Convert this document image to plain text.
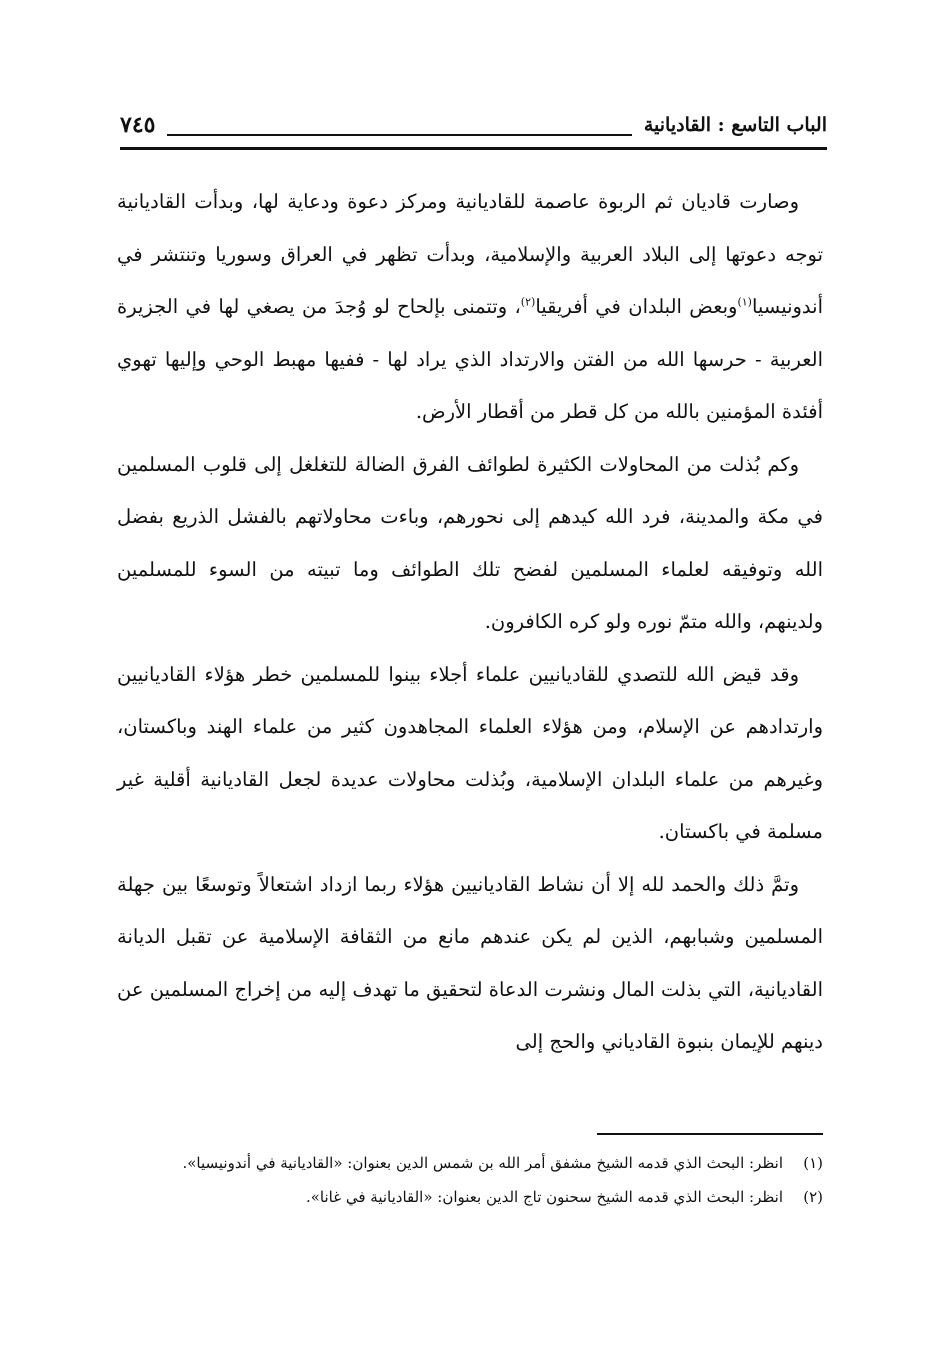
الباب التاسع : القاديانية
٧٤٥

وصارت قاديان ثم الربوة عاصمة للقاديانية ومركز دعوة ودعاية لها، وبدأت القاديانية توجه دعوتها إلى البلاد العربية والإسلامية، وبدأت تظهر في العراق وسوريا وتنتشر في أندونيسيا$^{(١)}$وبعض البلدان في أفريقيا$^{(٢)}$، وتتمنى بإلحاح لو وُجدَ من يصغي لها في الجزيرة العربية - حرسها الله من الفتن والارتداد الذي يراد لها - ففيها مهبط الوحي وإليها تهوي أفئدة المؤمنين بالله من كل قطر من أقطار الأرض.

وكم بُذلت من المحاولات الكثيرة لطوائف الفرق الضالة للتغلغل إلى قلوب المسلمين في مكة والمدينة، فرد الله كيدهم إلى نحورهم، وباءت محاولاتهم بالفشل الذريع بفضل الله وتوفيقه لعلماء المسلمين لفضح تلك الطوائف وما تبيته من السوء للمسلمين ولدينهم، والله متمّ نوره ولو كره الكافرون.

وقد قيض الله للتصدي للقاديانيين علماء أجلاء بينوا للمسلمين خطر هؤلاء القاديانيين وارتدادهم عن الإسلام، ومن هؤلاء العلماء المجاهدون كثير من علماء الهند وباكستان، وغيرهم من علماء البلدان الإسلامية، وبُذلت محاولات عديدة لجعل القاديانية أقلية غير مسلمة في باكستان.

وتمَّ ذلك والحمد لله إلا أن نشاط القاديانيين هؤلاء ربما ازداد اشتعالاً وتوسعًا بين جهلة المسلمين وشبابهم، الذين لم يكن عندهم مانع من الثقافة الإسلامية عن تقبل الديانة القاديانية، التي بذلت المال ونشرت الدعاة لتحقيق ما تهدف إليه من إخراج المسلمين عن دينهم للإيمان بنبوة القادياني والحج إلى

(١)
انظر: البحث الذي قدمه الشيخ مشفق أمر الله بن شمس الدين بعنوان: «القاديانية في أندونيسيا».
(٢)
انظر: البحث الذي قدمه الشيخ سحنون تاج الدين بعنوان: «القاديانية في غانا».
